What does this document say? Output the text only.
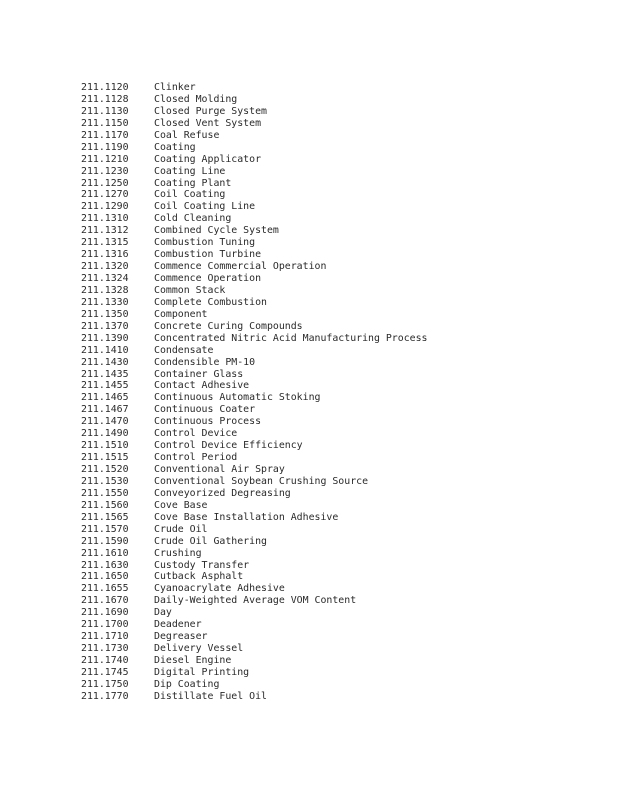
211.1120	Clinker
211.1128	Closed Molding
211.1130	Closed Purge System
211.1150	Closed Vent System
211.1170	Coal Refuse
211.1190	Coating
211.1210	Coating Applicator
211.1230	Coating Line
211.1250	Coating Plant
211.1270	Coil Coating
211.1290	Coil Coating Line
211.1310	Cold Cleaning
211.1312	Combined Cycle System
211.1315	Combustion Tuning
211.1316	Combustion Turbine
211.1320	Commence Commercial Operation
211.1324	Commence Operation
211.1328	Common Stack
211.1330	Complete Combustion
211.1350	Component
211.1370	Concrete Curing Compounds
211.1390	Concentrated Nitric Acid Manufacturing Process
211.1410	Condensate
211.1430	Condensible PM-10
211.1435	Container Glass
211.1455	Contact Adhesive
211.1465	Continuous Automatic Stoking
211.1467	Continuous Coater
211.1470	Continuous Process
211.1490	Control Device
211.1510	Control Device Efficiency
211.1515	Control Period
211.1520	Conventional Air Spray
211.1530	Conventional Soybean Crushing Source
211.1550	Conveyorized Degreasing
211.1560	Cove Base
211.1565	Cove Base Installation Adhesive
211.1570	Crude Oil
211.1590	Crude Oil Gathering
211.1610	Crushing
211.1630	Custody Transfer
211.1650	Cutback Asphalt
211.1655	Cyanoacrylate Adhesive
211.1670	Daily-Weighted Average VOM Content
211.1690	Day
211.1700	Deadener
211.1710	Degreaser
211.1730	Delivery Vessel
211.1740	Diesel Engine
211.1745	Digital Printing
211.1750	Dip Coating
211.1770	Distillate Fuel Oil
